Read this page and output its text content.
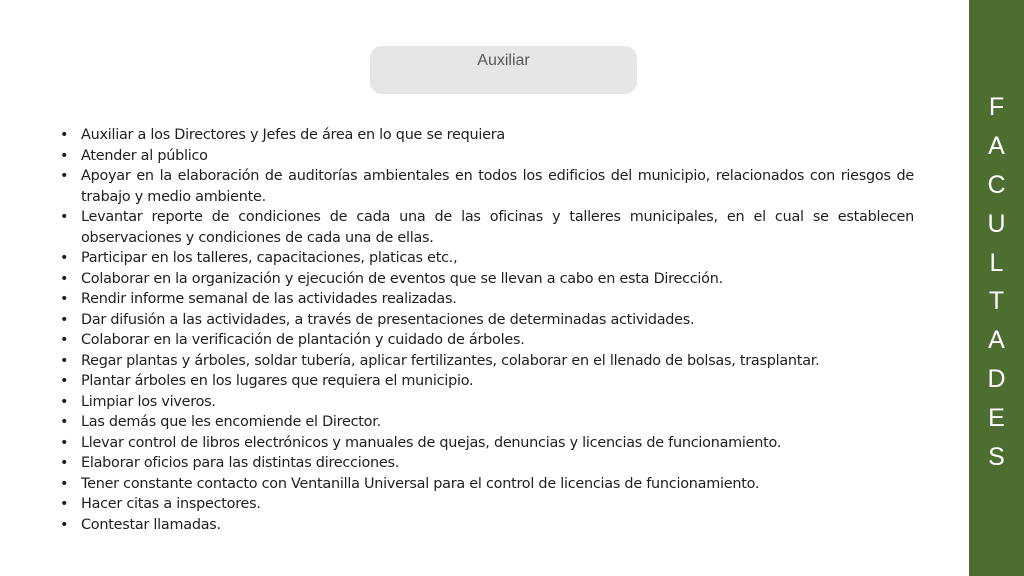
Auxiliar
• Auxiliar a los Directores y Jefes de área en lo que se requiera
• Atender al público
• Apoyar en la elaboración de auditorías ambientales en todos los edificios del municipio, relacionados con riesgos de trabajo y medio ambiente.
• Levantar reporte de condiciones de cada una de las oficinas y talleres municipales, en el cual se establecen observaciones y condiciones de cada una de ellas.
• Participar en los talleres, capacitaciones, platicas etc.,
• Colaborar en la organización y ejecución de eventos que se llevan a cabo en esta Dirección.
• Rendir informe semanal de las actividades realizadas.
• Dar difusión a las actividades, a través de presentaciones de determinadas actividades.
• Colaborar en la verificación de plantación y cuidado de árboles.
• Regar plantas y árboles, soldar tubería, aplicar fertilizantes, colaborar en el llenado de bolsas, trasplantar.
• Plantar árboles en los lugares que requiera el municipio.
• Limpiar los viveros.
• Las demás que les encomiende el Director.
• Llevar control de libros electrónicos y manuales de quejas, denuncias y licencias de funcionamiento.
• Elaborar oficios para las distintas direcciones.
• Tener constante contacto con Ventanilla Universal para el control de licencias de funcionamiento.
• Hacer citas a inspectores.
• Contestar llamadas.
F
A
C
U
L
T
A
D
E
S
